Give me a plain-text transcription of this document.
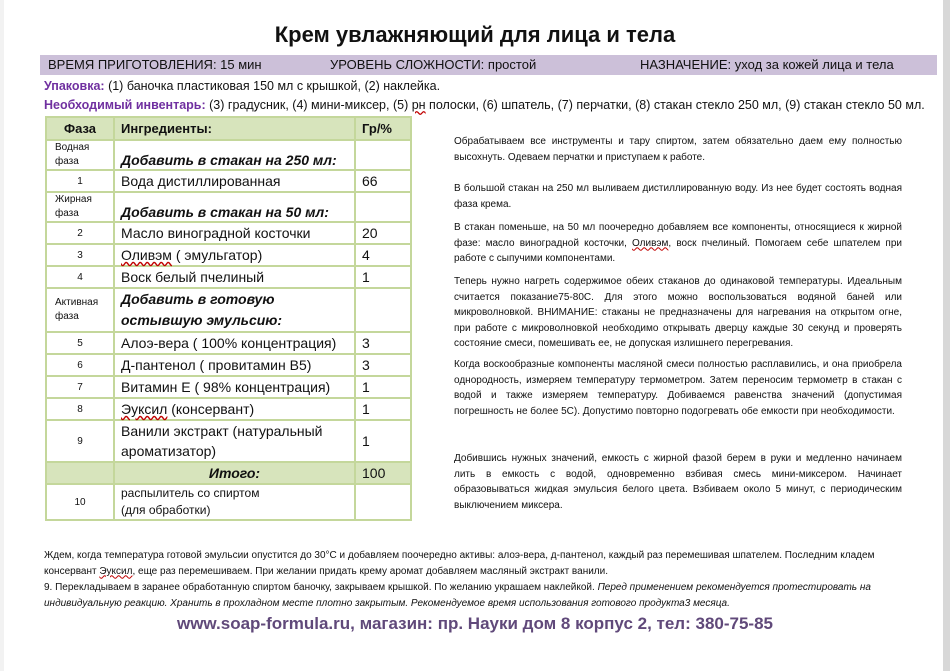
Крем увлажняющий для лица и тела
ВРЕМЯ ПРИГОТОВЛЕНИЯ: 15 мин	УРОВЕНЬ СЛОЖНОСТИ: простой	НАЗНАЧЕНИЕ: уход за кожей лица и тела
Упаковка: (1) баночка пластиковая 150 мл с крышкой, (2) наклейка.
Необходимый инвентарь: (3) градусник, (4) мини-миксер, (5) рн полоски, (6) шпатель, (7) перчатки, (8) стакан стекло 250 мл, (9) стакан стекло 50 мл.
Фаза	Ингредиенты:	Гр/%
Водная фаза	Добавить в стакан на 250 мл:	
1	Вода дистиллированная	66
Жирная фаза	Добавить в стакан на 50 мл:	
2	Масло виноградной косточки	20
3	Оливэм ( эмульгатор)	4
4	Воск белый пчелиный	1
Активная фаза	Добавить в готовую остывшую эмульсию:	
5	Алоэ-вера ( 100% концентрация)	3
6	Д-пантенол ( провитамин В5)	3
7	Витамин Е ( 98% концентрация)	1
8	Эуксил (консервант)	1
9	Ванили экстракт (натуральный ароматизатор)	1
	Итого:	100
10	распылитель со спиртом
(для обработки)	

Обрабатываем все инструменты и тару спиртом, затем обязательно даем ему полностью высохнуть. Одеваем перчатки и приступаем к работе.
В большой стакан на 250 мл выливаем дистиллированную воду. Из нее будет состоять водная фаза крема.
В стакан поменьше, на 50 мл поочередно добавляем все компоненты, относящиеся к жирной фазе: масло виноградной косточки, Оливэм, воск пчелиный. Помогаем себе шпателем при работе с сыпучими компонентами.
Теперь нужно нагреть содержимое обеих стаканов до одинаковой температуры. Идеальным считается показание75-80С. Для этого можно воспользоваться водяной баней или микроволновкой. ВНИМАНИЕ: стаканы не предназначены для нагревания на открытом огне, при работе с микроволновкой необходимо открывать дверцу каждые 30 секунд и проверять состояние смеси, помешивать ее, не допуская излишнего перегревания.
Когда воскообразные компоненты масляной смеси полностью расплавились, и она приобрела однородность, измеряем температуру термометром. Затем переносим термометр в стакан с водой и также измеряем температуру. Добиваемся равенства значений (допустимая погрешность не более 5С). Допустимо повторно подогревать обе емкости при необходимости.
Добившись нужных значений, емкость с жирной фазой берем в руки и медленно начинаем лить в емкость с водой, одновременно взбивая смесь мини-миксером. Начинает образовываться жидкая эмульсия белого цвета. Взбиваем около 5 минут, с периодическим выключением миксера.
Ждем, когда температура готовой эмульсии опустится до 30°С и добавляем поочередно активы: алоэ-вера, д-пантенол, каждый раз перемешивая шпателем. Последним кладем консервант Эуксил, еще раз перемешиваем. При желании придать крему аромат добавляем масляный экстракт ванили.
9. Перекладываем в заранее обработанную спиртом баночку, закрываем крышкой. По желанию украшаем наклейкой. Перед применением рекомендуется протестировать на индивидуальную реакцию. Хранить в прохладном месте плотно закрытым. Рекомендуемое время использования готового продукта3 месяца.
www.soap-formula.ru, магазин: пр. Науки дом 8 корпус 2, тел: 380-75-85
